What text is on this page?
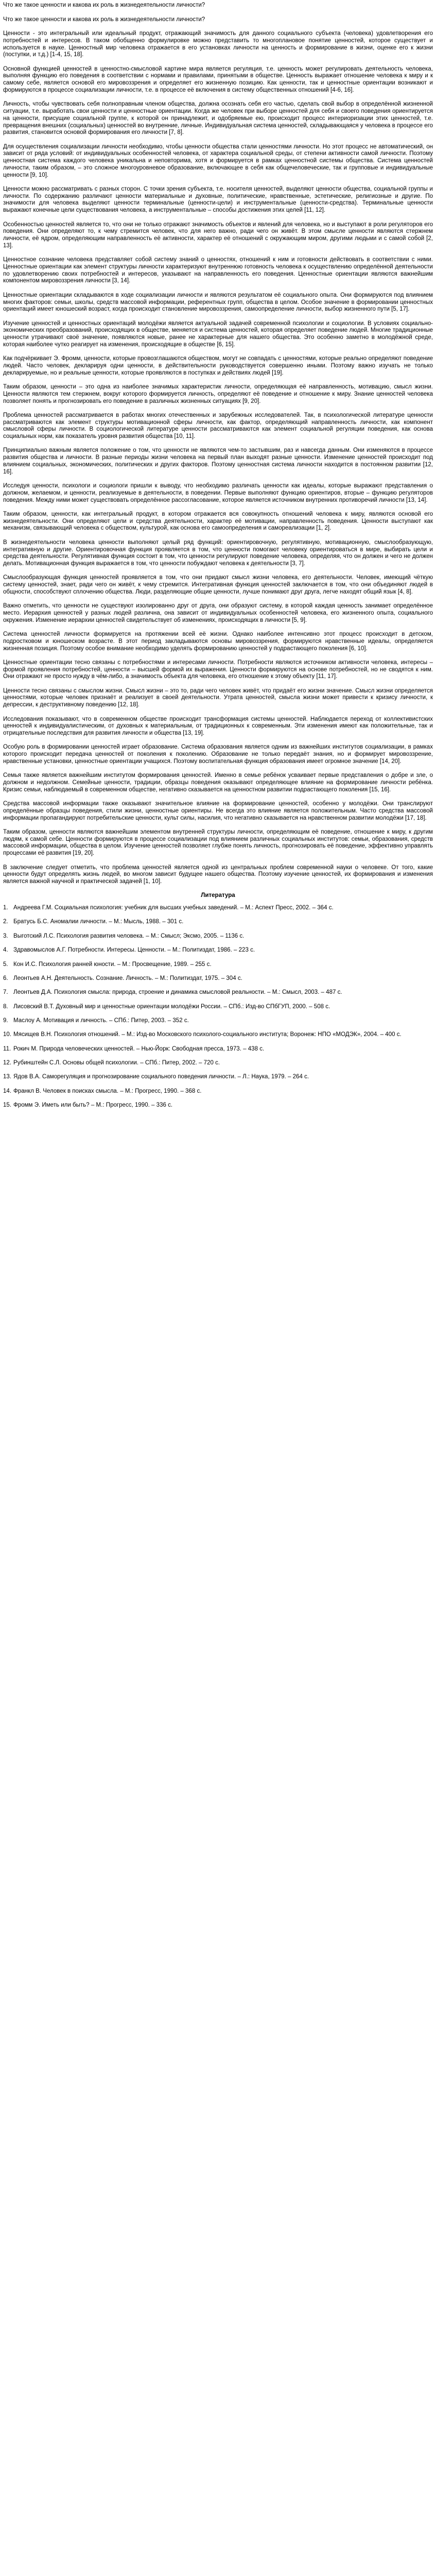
Что же такое ценности и какова их роль в жизнедеятельности личности?

Что же такое ценности и какова их роль в жизнедеятельности личности?

Ценности - это интегральный или идеальный продукт, отражающий значимость для данного социального субъекта (человека) удовлетворения его потребностей и интересов. В таком обобщенно формулировке можно представить то многоплановое понятие ценностей, которое существует и используется в науке. Ценностный мир человека отражается в его установках личности на ценность и формирование в жизни, оценке его к жизни (поступки, и т.д.) [1-4, 15, 18].

Основной функцией ценностей в ценностно-смысловой картине мира является регуляция, т.е. ценность может регулировать деятельность человека, выполняя функцию его поведения в соответствии с нормами и правилами, принятыми в обществе. Ценность выражает отношение человека к миру и к самому себе, является основой его мировоззрения и определяет его жизненную позицию. Как ценности, так и ценностные ориентации возникают и формируются в процессе социализации личности, т.е. в процессе её включения в систему общественных отношений [4-6, 16].

Личность, чтобы чувствовать себя полноправным членом общества, должна осознать себя его частью, сделать свой выбор в определённой жизненной ситуации, т.е. выработать свои ценности и ценностные ориентации. Когда же человек при выборе ценностей для себя и своего поведения ориентируется на ценности, присущие социальной группе, к которой он принадлежит, и одобряемые ею, происходит процесс интериоризации этих ценностей, т.е. превращения внешних (социальных) ценностей во внутренние, личные. Индивидуальная система ценностей, складывающаяся у человека в процессе его развития, становится основой формирования его личности [7, 8].

Для осуществления социализации личности необходимо, чтобы ценности общества стали ценностями личности. Но этот процесс не автоматический, он зависит от ряда условий: от индивидуальных особенностей человека, от характера социальной среды, от степени активности самой личности. Поэтому ценностная система каждого человека уникальна и неповторима, хотя и формируется в рамках ценностной системы общества. Система ценностей личности, таким образом, – это сложное многоуровневое образование, включающее в себя как общечеловеческие, так и групповые и индивидуальные ценности [9, 10].

Ценности можно рассматривать с разных сторон. С точки зрения субъекта, т.е. носителя ценностей, выделяют ценности общества, социальной группы и личности. По содержанию различают ценности материальные и духовные, политические, нравственные, эстетические, религиозные и другие. По значимости для человека выделяют ценности терминальные (ценности-цели) и инструментальные (ценности-средства). Терминальные ценности выражают конечные цели существования человека, а инструментальные – способы достижения этих целей [11, 12].

Особенностью ценностей является то, что они не только отражают значимость объектов и явлений для человека, но и выступают в роли регуляторов его поведения. Они определяют то, к чему стремится человек, что для него важно, ради чего он живёт. В этом смысле ценности являются стержнем личности, её ядром, определяющим направленность её активности, характер её отношений с окружающим миром, другими людьми и с самой собой [2, 13].

Ценностное сознание человека представляет собой систему знаний о ценностях, отношений к ним и готовности действовать в соответствии с ними. Ценностные ориентации как элемент структуры личности характеризуют внутреннюю готовность человека к осуществлению определённой деятельности по удовлетворению своих потребностей и интересов, указывают на направленность его поведения. Ценностные ориентации являются важнейшим компонентом мировоззрения личности [3, 14].

Ценностные ориентации складываются в ходе социализации личности и являются результатом её социального опыта. Они формируются под влиянием многих факторов: семьи, школы, средств массовой информации, референтных групп, общества в целом. Особое значение в формировании ценностных ориентаций имеет юношеский возраст, когда происходит становление мировоззрения, самоопределение личности, выбор жизненного пути [5, 17].

Изучение ценностей и ценностных ориентаций молодёжи является актуальной задачей современной психологии и социологии. В условиях социально-экономических преобразований, происходящих в обществе, меняется и система ценностей, которая определяет поведение людей. Многие традиционные ценности утрачивают своё значение, появляются новые, ранее не характерные для нашего общества. Это особенно заметно в молодёжной среде, которая наиболее чутко реагирует на изменения, происходящие в обществе [6, 15].

Как подчёркивает Э. Фромм, ценности, которые провозглашаются обществом, могут не совпадать с ценностями, которые реально определяют поведение людей. Часто человек, декларируя одни ценности, в действительности руководствуется совершенно иными. Поэтому важно изучать не только декларируемые, но и реальные ценности, которые проявляются в поступках и действиях людей [19].

Таким образом, ценности – это одна из наиболее значимых характеристик личности, определяющая её направленность, мотивацию, смысл жизни. Ценности являются тем стержнем, вокруг которого формируется личность, определяют её поведение и отношение к миру. Знание ценностей человека позволяет понять и прогнозировать его поведение в различных жизненных ситуациях [9, 20].

Проблема ценностей рассматривается в работах многих отечественных и зарубежных исследователей. Так, в психологической литературе ценности рассматриваются как элемент структуры мотивационной сферы личности, как фактор, определяющий направленность личности, как компонент смысловой сферы личности. В социологической литературе ценности рассматриваются как элемент социальной регуляции поведения, как основа социальных норм, как показатель уровня развития общества [10, 11].

Принципиально важным является положение о том, что ценности не являются чем-то застывшим, раз и навсегда данным. Они изменяются в процессе развития общества и личности. В разные периоды жизни человека на первый план выходят разные ценности. Изменение ценностей происходит под влиянием социальных, экономических, политических и других факторов. Поэтому ценностная система личности находится в постоянном развитии [12, 16].

Исследуя ценности, психологи и социологи пришли к выводу, что необходимо различать ценности как идеалы, которые выражают представления о должном, желаемом, и ценности, реализуемые в деятельности, в поведении. Первые выполняют функцию ориентиров, вторые – функцию регуляторов поведения. Между ними может существовать определённое рассогласование, которое является источником внутренних противоречий личности [13, 14].

Таким образом, ценности, как интегральный продукт, в котором отражается вся совокупность отношений человека к миру, являются основой его жизнедеятельности. Они определяют цели и средства деятельности, характер её мотивации, направленность поведения. Ценности выступают как механизм, связывающий человека с обществом, культурой, как основа его самоопределения и самореализации [1, 2].

В жизнедеятельности человека ценности выполняют целый ряд функций: ориентировочную, регулятивную, мотивационную, смыслообразующую, интегративную и другие. Ориентировочная функция проявляется в том, что ценности помогают человеку ориентироваться в мире, выбирать цели и средства деятельности. Регулятивная функция состоит в том, что ценности регулируют поведение человека, определяя, что он должен и чего не должен делать. Мотивационная функция выражается в том, что ценности побуждают человека к деятельности [3, 7].

Смыслообразующая функция ценностей проявляется в том, что они придают смысл жизни человека, его деятельности. Человек, имеющий чёткую систему ценностей, знает, ради чего он живёт, к чему стремится. Интегративная функция ценностей заключается в том, что они объединяют людей в общности, способствуют сплочению общества. Люди, разделяющие общие ценности, лучше понимают друг друга, легче находят общий язык [4, 8].

Важно отметить, что ценности не существуют изолированно друг от друга, они образуют систему, в которой каждая ценность занимает определённое место. Иерархия ценностей у разных людей различна, она зависит от индивидуальных особенностей человека, его жизненного опыта, социального окружения. Изменение иерархии ценностей свидетельствует об изменениях, происходящих в личности [5, 9].

Система ценностей личности формируется на протяжении всей её жизни. Однако наиболее интенсивно этот процесс происходит в детском, подростковом и юношеском возрасте. В этот период закладываются основы мировоззрения, формируются нравственные идеалы, определяется жизненная позиция. Поэтому особое внимание необходимо уделять формированию ценностей у подрастающего поколения [6, 10].

Ценностные ориентации тесно связаны с потребностями и интересами личности. Потребности являются источником активности человека, интересы – формой проявления потребностей, ценности – высшей формой их выражения. Ценности формируются на основе потребностей, но не сводятся к ним. Они отражают не просто нужду в чём-либо, а значимость объекта для человека, его отношение к этому объекту [11, 17].

Ценности тесно связаны с смыслом жизни. Смысл жизни – это то, ради чего человек живёт, что придаёт его жизни значение. Смысл жизни определяется ценностями, которые человек признаёт и реализует в своей деятельности. Утрата ценностей, смысла жизни может привести к кризису личности, к депрессии, к деструктивному поведению [12, 18].

Исследования показывают, что в современном обществе происходит трансформация системы ценностей. Наблюдается переход от коллективистских ценностей к индивидуалистическим, от духовных к материальным, от традиционных к современным. Эти изменения имеют как положительные, так и отрицательные последствия для развития личности и общества [13, 19].

Особую роль в формировании ценностей играет образование. Система образования является одним из важнейших институтов социализации, в рамках которого происходит передача ценностей от поколения к поколению. Образование не только передаёт знания, но и формирует мировоззрение, нравственные установки, ценностные ориентации учащихся. Поэтому воспитательная функция образования имеет огромное значение [14, 20].

Семья также является важнейшим институтом формирования ценностей. Именно в семье ребёнок усваивает первые представления о добре и зле, о должном и недолжном. Семейные ценности, традиции, образцы поведения оказывают определяющее влияние на формирование личности ребёнка. Кризис семьи, наблюдаемый в современном обществе, негативно сказывается на ценностном развитии подрастающего поколения [15, 16].

Средства массовой информации также оказывают значительное влияние на формирование ценностей, особенно у молодёжи. Они транслируют определённые образцы поведения, стили жизни, ценностные ориентиры. Не всегда это влияние является положительным. Часто средства массовой информации пропагандируют потребительские ценности, культ силы, насилия, что негативно сказывается на нравственном развитии молодёжи [17, 18].

Таким образом, ценности являются важнейшим элементом внутренней структуры личности, определяющим её поведение, отношение к миру, к другим людям, к самой себе. Ценности формируются в процессе социализации под влиянием различных социальных институтов: семьи, образования, средств массовой информации, общества в целом. Изучение ценностей позволяет глубже понять личность, прогнозировать её поведение, эффективно управлять процессами её развития [19, 20].

В заключение следует отметить, что проблема ценностей является одной из центральных проблем современной науки о человеке. От того, какие ценности будут определять жизнь людей, во многом зависит будущее нашего общества. Поэтому изучение ценностей, их формирования и изменения является важной научной и практической задачей [1, 10].

Литература
1. Андреева Г.М. Социальная психология: учебник для высших учебных заведений. – М.: Аспект Пресс, 2002. – 364 с.
2. Братусь Б.С. Аномалии личности. – М.: Мысль, 1988. – 301 с.
3. Выготский Л.С. Психология развития человека. – М.: Смысл; Эксмо, 2005. – 1136 с.
4. Здравомыслов А.Г. Потребности. Интересы. Ценности. – М.: Политиздат, 1986. – 223 с.
5. Кон И.С. Психология ранней юности. – М.: Просвещение, 1989. – 255 с.
6. Леонтьев А.Н. Деятельность. Сознание. Личность. – М.: Политиздат, 1975. – 304 с.
7. Леонтьев Д.А. Психология смысла: природа, строение и динамика смысловой реальности. – М.: Смысл, 2003. – 487 с.
8. Лисовский В.Т. Духовный мир и ценностные ориентации молодёжи России. – СПб.: Изд-во СПбГУП, 2000. – 508 с.
9. Маслоу А. Мотивация и личность. – СПб.: Питер, 2003. – 352 с.
10. Мясищев В.Н. Психология отношений. – М.: Изд-во Московского психолого-социального института; Воронеж: НПО «МОДЭК», 2004. – 400 с.
11. Рокич М. Природа человеческих ценностей. – Нью-Йорк: Свободная пресса, 1973. – 438 с.
12. Рубинштейн С.Л. Основы общей психологии. – СПб.: Питер, 2002. – 720 с.
13. Ядов В.А. Саморегуляция и прогнозирование социального поведения личности. – Л.: Наука, 1979. – 264 с.
14. Франкл В. Человек в поисках смысла. – М.: Прогресс, 1990. – 368 с.
15. Фромм Э. Иметь или быть? – М.: Прогресс, 1990. – 336 с.
